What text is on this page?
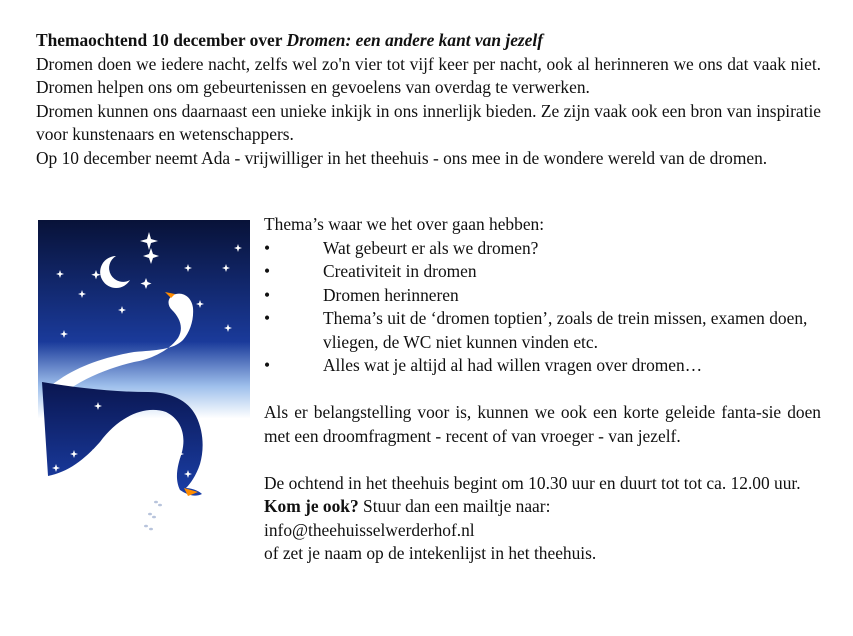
Themaochtend 10 december over Dromen: een andere kant van jezelf

Dromen doen we iedere nacht, zelfs wel zo'n vier tot vijf keer per nacht, ook al herinneren we ons dat vaak niet. Dromen helpen ons om gebeurtenissen en gevoelens van overdag te verwerken.

Dromen kunnen ons daarnaast een unieke inkijk in ons innerlijk bieden. Ze zijn vaak ook een bron van inspiratie voor kunstenaars en wetenschappers.

Op 10 december neemt Ada - vrijwilliger in het theehuis - ons mee in de wondere wereld van de dromen.

Thema’s waar we het over gaan hebben:

•	Wat gebeurt er als we dromen?
•	Creativiteit in dromen
•	Dromen herinneren
•	Thema’s uit de ‘dromen toptien’, zoals de trein missen, examen doen, vliegen, de WC niet kunnen vinden etc.
•	Alles wat je altijd al had willen vragen over dromen…

Als er belangstelling voor is, kunnen we ook een korte geleide fanta-sie doen met een droomfragment - recent of van vroeger - van jezelf.

De ochtend in het theehuis begint om 10.30 uur en duurt tot tot ca. 12.00 uur.

Kom je ook? Stuur dan een mailtje naar:

info@theehuisselwerderhof.nl

of zet je naam op de intekenlijst in het theehuis.
